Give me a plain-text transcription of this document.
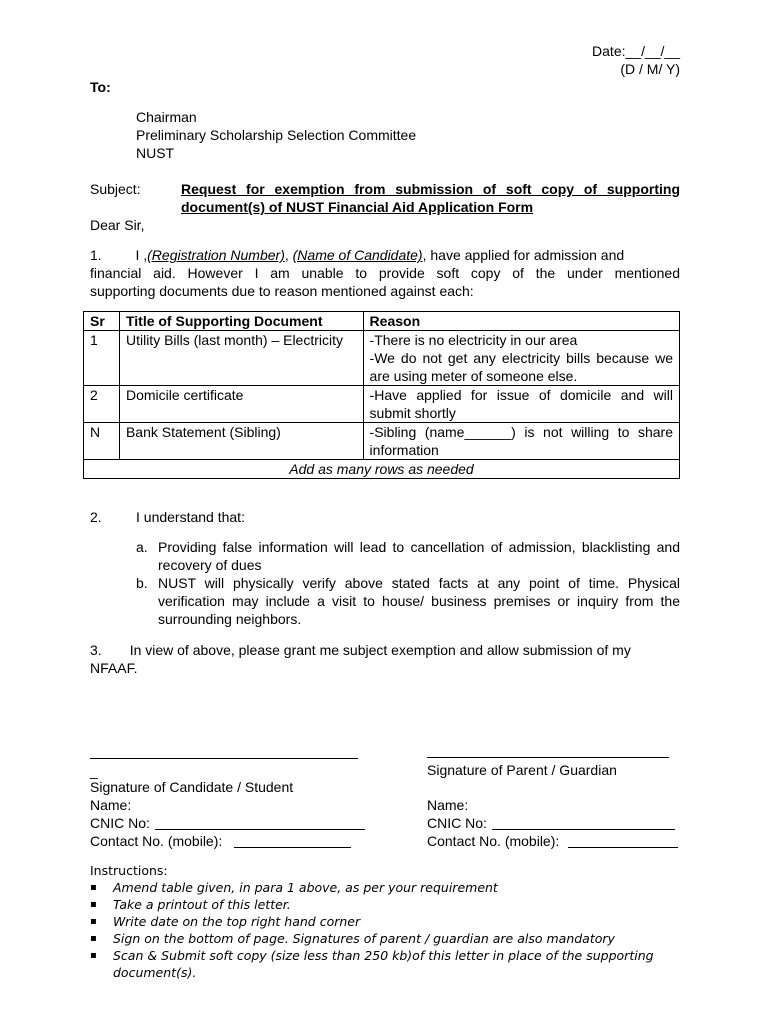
Date:__/__/__
(D / M/ Y)
To:
Chairman
Preliminary Scholarship Selection Committee
NUST
Subject:	Request for exemption from submission of soft copy of supporting
document(s) of NUST Financial Aid Application Form
Dear Sir,
1. I ,(Registration Number), (Name of Candidate), have applied for admission and
financial aid. However I am unable to provide soft copy of the under mentioned
supporting documents due to reason mentioned against each:
Sr	Title of Supporting Document	Reason
1	Utility Bills (last month) – Electricity	-There is no electricity in our area
-We do not get any electricity bills because we are using meter of someone else.
2	Domicile certificate	-Have applied for issue of domicile and will submit shortly
N	Bank Statement (Sibling)	-Sibling (name______) is not willing to share information
Add as many rows as needed		
2. I understand that:
a. Providing false information will lead to cancellation of admission, blacklisting and recovery of dues
b. NUST will physically verify above stated facts at any point of time. Physical verification may include a visit to house/ business premises or inquiry from the surrounding neighbors.
3.	In view of above, please grant me subject exemption and allow submission of my
NFAAF.
_
Signature of Candidate / Student
Name:
CNIC No:
Contact No. (mobile):
Signature of Parent / Guardian
Name:
CNIC No:
Contact No. (mobile):
Instructions:
▪ Amend table given, in para 1 above, as per your requirement
▪ Take a printout of this letter.
▪ Write date on the top right hand corner
▪ Sign on the bottom of page. Signatures of parent / guardian are also mandatory
▪ Scan & Submit soft copy (size less than 250 kb)of this letter in place of the supporting document(s).
